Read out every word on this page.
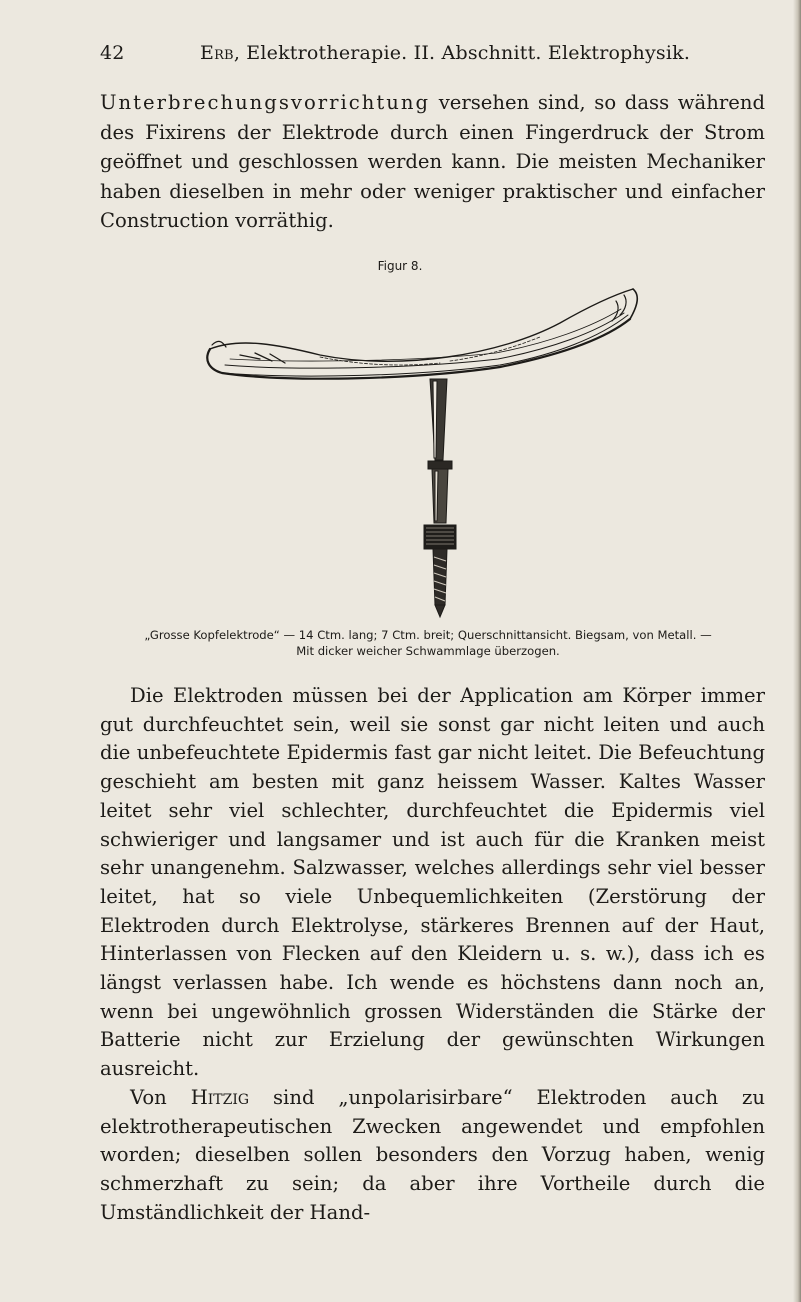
42	Erb, Elektrotherapie. II. Abschnitt. Elektrophysik.

Unterbrechungsvorrichtung versehen sind, so dass während des Fixirens der Elektrode durch einen Fingerdruck der Strom geöffnet und geschlossen werden kann. Die meisten Mechaniker haben dieselben in mehr oder weniger praktischer und einfacher Construction vorräthig.

Figur 8.
„Grosse Kopfelektrode“ — 14 Ctm. lang; 7 Ctm. breit; Querschnittansicht. Biegsam, von Metall. —
Mit dicker weicher Schwammlage überzogen.

Die Elektroden müssen bei der Application am Körper immer gut durchfeuchtet sein, weil sie sonst gar nicht leiten und auch die unbefeuchtete Epidermis fast gar nicht leitet. Die Befeuchtung geschieht am besten mit ganz heissem Wasser. Kaltes Wasser leitet sehr viel schlechter, durchfeuchtet die Epidermis viel schwieriger und langsamer und ist auch für die Kranken meist sehr unangenehm. Salzwasser, welches allerdings sehr viel besser leitet, hat so viele Unbequemlichkeiten (Zerstörung der Elektroden durch Elektrolyse, stärkeres Brennen auf der Haut, Hinterlassen von Flecken auf den Kleidern u. s. w.), dass ich es längst verlassen habe. Ich wende es höchstens dann noch an, wenn bei ungewöhnlich grossen Widerständen die Stärke der Batterie nicht zur Erzielung der gewünschten Wirkungen ausreicht.

Von Hitzig sind „unpolarisirbare“ Elektroden auch zu elektrotherapeutischen Zwecken angewendet und empfohlen worden; dieselben sollen besonders den Vorzug haben, wenig schmerzhaft zu sein; da aber ihre Vortheile durch die Umständlichkeit der Hand-
